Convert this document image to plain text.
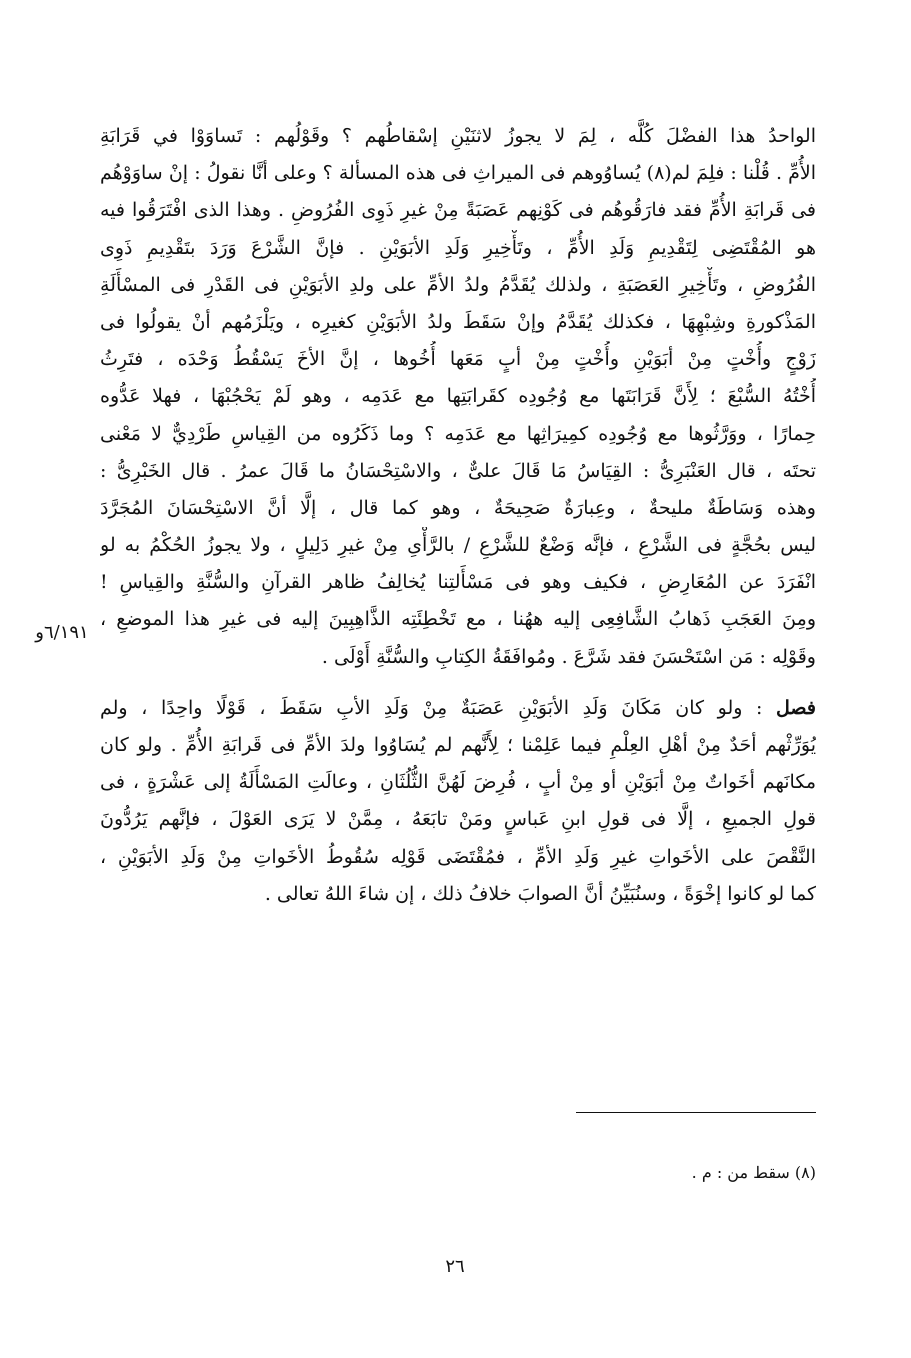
الواحدُ هذا الفضْلَ كُلَّه ، لِمَ لا يجوزُ لاثنَيْنِ إسْقاطُهم ؟ وقَوْلُهم : تَساوَوْا في قَرَابَةِ
الأُمِّ . قُلْنا : فلِمَ لم(٨) يُساوُوهم فى الميراثِ فى هذه المسألة ؟ وعلى أنَّا نقولُ : إنْ ساوَوْهُم
فى قَرابَةِ الأُمِّ فقد فارَقُوهُم فى كَوْنِهم عَصَبَةً مِنْ غيرِ ذَوِى الفُرُوضِ . وهذا الذى افْتَرَقُوا فيه
هو المُقْتَضِى لِتَقْدِيمِ وَلَدِ الأُمِّ ، وتَأْخِيرِ وَلَدِ الأبَوَيْنِ . فإنَّ الشَّرْعَ وَرَدَ بتَقْدِيمِ ذَوِى
الفُرُوضِ ، وتَأْخِيرِ العَصَبَةِ ، ولذلك يُقَدَّمُ ولدُ الأمِّ على ولدِ الأبَوَيْنِ فى القَدْرِ فى المسْأَلَةِ
المَذْكورةِ وشِبْهِهَا ، فكذلك يُقَدَّمُ وإنْ سَقَطَ ولدُ الأبَوَيْنِ كغيرِه ، ويَلْزَمُهم أنْ يقولُوا فى
زَوْجٍ وأُخْتٍ مِنْ أبَوَيْنِ وأُخْتٍ مِنْ أبٍ مَعَها أُخُوها ، إنَّ الأخَ يَسْقُطُ وَحْدَه ، فتَرِثُ
أُخْتُهُ السُّبْعَ ؛ لِأَنَّ قَرَابَتَها مع وُجُودِه كقَرابَتِها مع عَدَمِه ، وهو لَمْ يَحْجُبْهَا ، فهلا عَدُّوه
حِمارًا ، ووَرَّثُوها مع وُجُودِه كمِيرَاثِها مع عَدَمِه ؟ وما ذَكَرُوه من القِياسِ طَرْدِيٌّ لا مَعْنى
تحتَه ، قال العَنْبَرِىُّ : القِيَاسُ مَا قَالَ علىٌّ ، والاسْتِحْسَانُ ما قَالَ عمرُ . قال الخَبْرِىُّ :
وهذه وَسَاطَةٌ مليحةٌ ، وعِبارَةٌ صَحِيحَةٌ ، وهو كما قال ، إلَّا أنَّ الاسْتِحْسَانَ المُجَرَّدَ
ليس بحُجَّةٍ فى الشَّرْعِ ، فإنَّه وَضْعٌ للشَّرْعِ / بالرَّأْىِ مِنْ غيرِ دَلِيلٍ ، ولا يجوزُ الحُكْمُ به لو
انْفَرَدَ عن المُعَارِضِ ، فكيف وهو فى مَسْأَلتِنا يُخالِفُ ظاهر القرآنِ والسُّنَّةِ والقِياسِ !
ومِنَ العَجَبِ ذَهابُ الشَّافِعِى إليه ههُنا ، مع تَخْطِئَتِه الذَّاهِبِينَ إليه فى غيرِ هذا الموضعِ ،
وقَوْلِه : مَن اسْتَحْسَنَ فقد شَرَّعَ . ومُوافَقَةُ الكِتابِ والسُّنَّةِ أَوْلَى .
فصل : ولو كان مَكَانَ وَلَدِ الأبَوَيْنِ عَصَبَةٌ مِنْ وَلَدِ الأبِ سَقَطَ ، قَوْلًا واحِدًا ، ولم
يُوَرِّثْهم أحَدٌ مِنْ أهْلِ العِلْمِ فيما عَلِمْنا ؛ لِأَنَّهم لم يُسَاوُوا ولدَ الأمِّ فى قَرابَةِ الأُمِّ . ولو كان
مكانَهم أخَواتٌ مِنْ أبَوَيْنِ أو مِنْ أبٍ ، فُرِضَ لَهُنَّ الثُّلُثَانِ ، وعالَتِ المَسْأَلَةُ إلى عَشْرَةٍ ، فى
قولِ الجميعِ ، إلَّا فى قولِ ابنِ عَباسٍ ومَنْ تابَعَهُ ، مِمَّنْ لا يَرَى العَوْلَ ، فإنَّهم يَرُدُّونَ
النَّقْصَ على الأخَواتِ غيرِ وَلَدِ الأمِّ ، فمُقْتَضَى قَوْلِه سُقُوطُ الأخَواتِ مِنْ وَلَدِ الأبَوَيْنِ ،
كما لو كانوا إخْوَةً ، وسنُبَيِّنُ أنَّ الصوابَ خلافُ ذلك ، إن شاءَ اللهُ تعالى .
٦/١٩١و
(٨) سقط من : م .
٢٦
